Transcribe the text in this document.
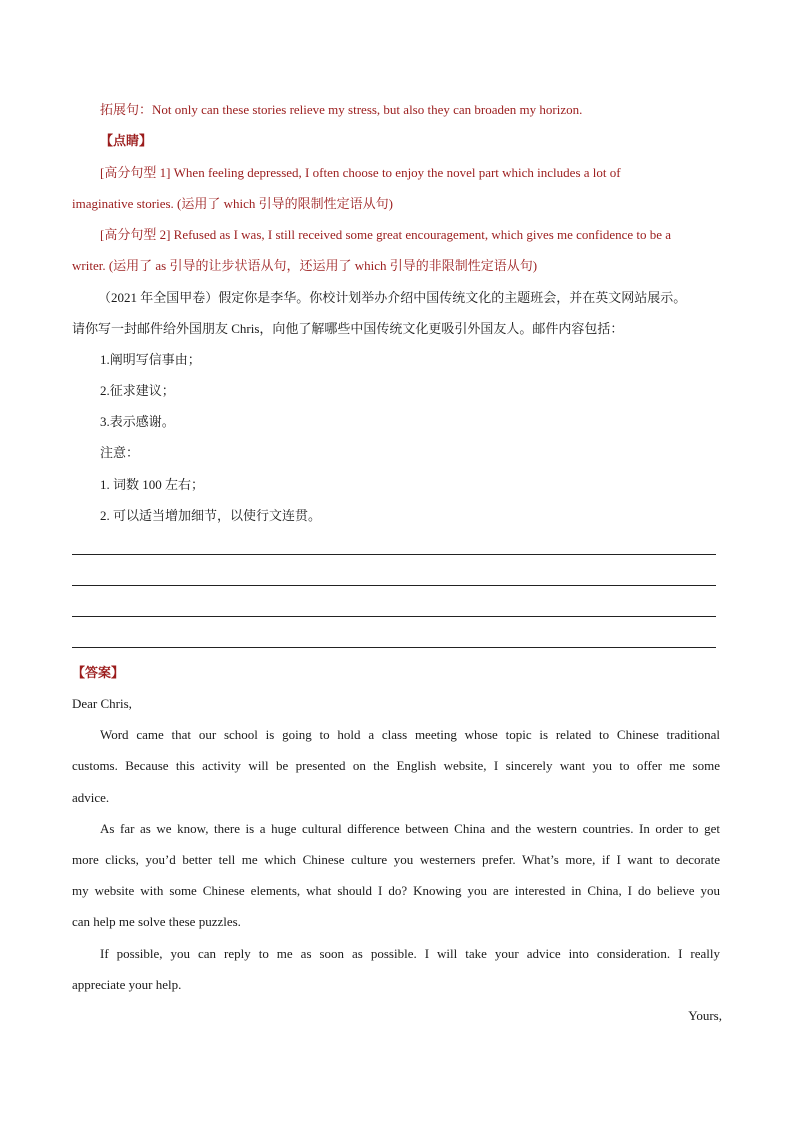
拓展句：Not only can these stories relieve my stress, but also they can broaden my horizon.
【点睛】
[高分句型 1] When feeling depressed, I often choose to enjoy the novel part which includes a lot of
imaginative stories. (运用了 which 引导的限制性定语从句)
[高分句型 2] Refused as I was, I still received some great encouragement, which gives me confidence to be a
writer. (运用了 as 引导的让步状语从句，还运用了 which 引导的非限制性定语从句)
（2021 年全国甲卷）假定你是李华。你校计划举办介绍中国传统文化的主题班会，并在英文网站展示。
请你写一封邮件给外国朋友 Chris，向他了解哪些中国传统文化更吸引外国友人。邮件内容包括：
1.阐明写信事由；
2.征求建议；
3.表示感谢。
注意：
1. 词数 100 左右；
2. 可以适当增加细节，以使行文连贯。
【答案】
Dear Chris,
Word came that our school is going to hold a class meeting whose topic is related to Chinese traditional
customs. Because this activity will be presented on the English website, I sincerely want you to offer me some
advice.
As far as we know, there is a huge cultural difference between China and the western countries. In order to get
more clicks, you’d better tell me which Chinese culture you westerners prefer. What’s more, if I want to decorate
my website with some Chinese elements, what should I do? Knowing you are interested in China, I do believe you
can help me solve these puzzles.
If possible, you can reply to me as soon as possible. I will take your advice into consideration. I really
appreciate your help.
Yours,
